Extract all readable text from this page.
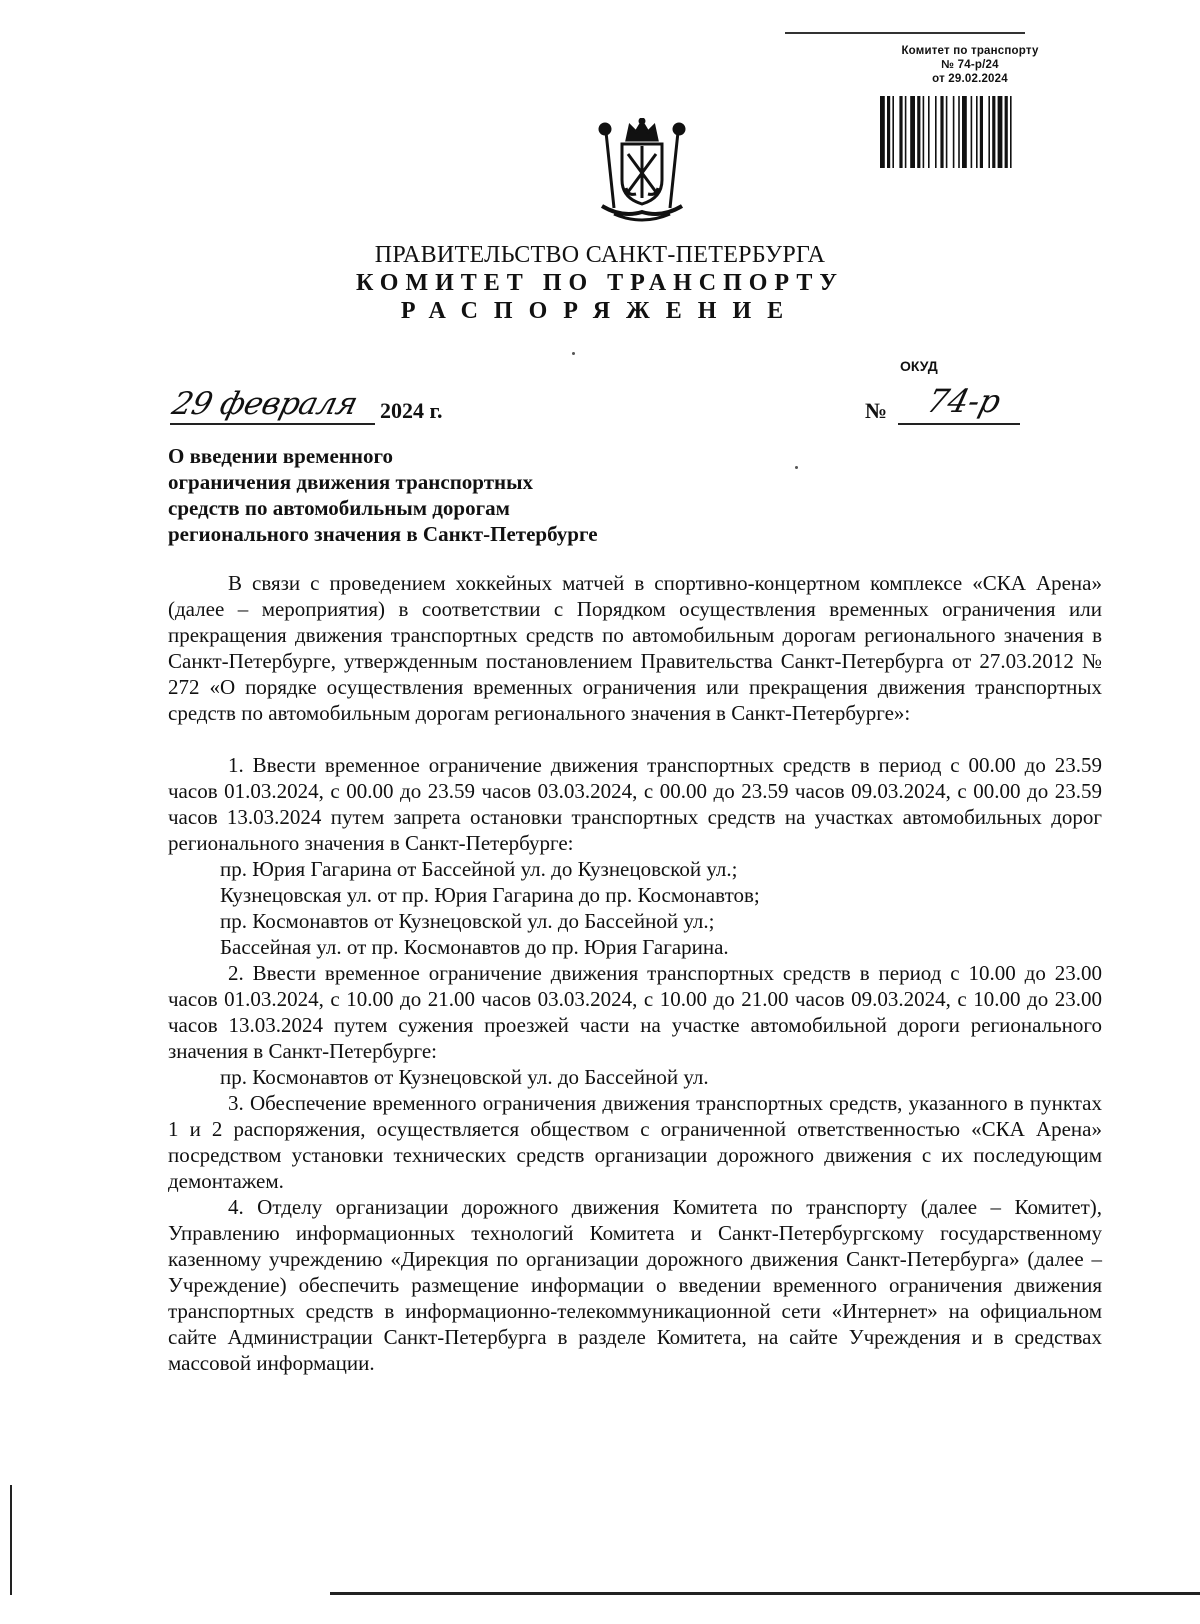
Комитет по транспорту
№ 74-р/24
от 29.02.2024
ПРАВИТЕЛЬСТВО САНКТ-ПЕТЕРБУРГА
КОМИТЕТ ПО ТРАНСПОРТУ
РАСПОРЯЖЕНИЕ
ОКУД
29 февраля 2024 г.	№ 74-р
О введении временного
ограничения движения транспортных
средств по автомобильным дорогам
регионального значения в Санкт-Петербурге

В связи с проведением хоккейных матчей в спортивно-концертном комплексе «СКА Арена» (далее – мероприятия) в соответствии с Порядком осуществления временных ограничения или прекращения движения транспортных средств по автомобильным дорогам регионального значения в Санкт-Петербурге, утвержденным постановлением Правительства Санкт-Петербурга от 27.03.2012 № 272 «О порядке осуществления временных ограничения или прекращения движения транспортных средств по автомобильным дорогам регионального значения в Санкт-Петербурге»:

1. Ввести временное ограничение движения транспортных средств в период с 00.00 до 23.59 часов 01.03.2024, с 00.00 до 23.59 часов 03.03.2024, с 00.00 до 23.59 часов 09.03.2024, с 00.00 до 23.59 часов 13.03.2024 путем запрета остановки транспортных средств на участках автомобильных дорог регионального значения в Санкт-Петербурге:

пр. Юрия Гагарина от Бассейной ул. до Кузнецовской ул.;

Кузнецовская ул. от пр. Юрия Гагарина до пр. Космонавтов;

пр. Космонавтов от Кузнецовской ул. до Бассейной ул.;

Бассейная ул. от пр. Космонавтов до пр. Юрия Гагарина.

2. Ввести временное ограничение движения транспортных средств в период с 10.00 до 23.00 часов 01.03.2024, с 10.00 до 21.00 часов 03.03.2024, с 10.00 до 21.00 часов 09.03.2024, с 10.00 до 23.00 часов 13.03.2024 путем сужения проезжей части на участке автомобильной дороги регионального значения в Санкт-Петербурге:

пр. Космонавтов от Кузнецовской ул. до Бассейной ул.

3. Обеспечение временного ограничения движения транспортных средств, указанного в пунктах 1 и 2 распоряжения, осуществляется обществом с ограниченной ответственностью «СКА Арена» посредством установки технических средств организации дорожного движения с их последующим демонтажем.

4. Отделу организации дорожного движения Комитета по транспорту (далее – Комитет), Управлению информационных технологий Комитета и Санкт-Петербургскому государственному казенному учреждению «Дирекция по организации дорожного движения Санкт-Петербурга» (далее – Учреждение) обеспечить размещение информации о введении временного ограничения движения транспортных средств в информационно-телекоммуникационной сети «Интернет» на официальном сайте Администрации Санкт-Петербурга в разделе Комитета, на сайте Учреждения и в средствах массовой информации.
